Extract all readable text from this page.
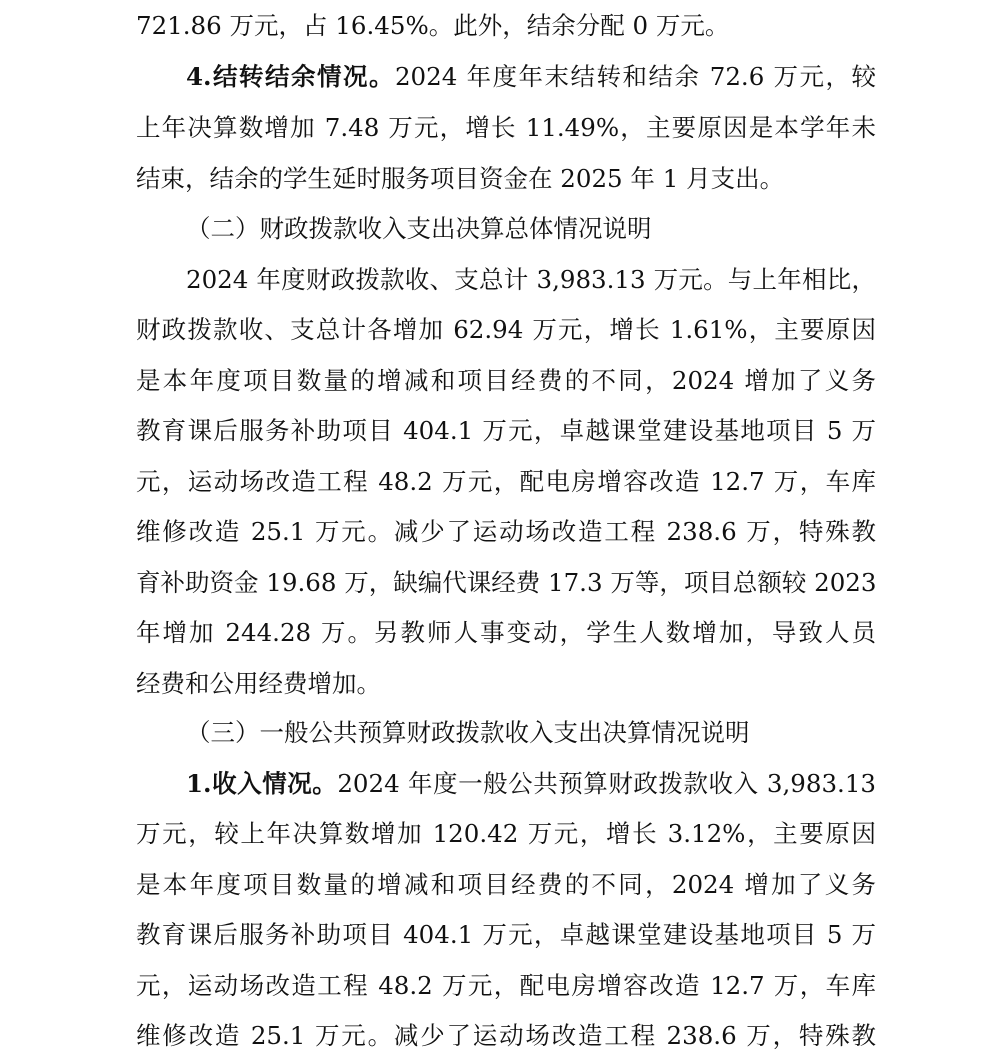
721.86 万元，占 16.45%。此外，结余分配 0 万元。
4.结转结余情况。2024 年度年末结转和结余 72.6 万元，较
上年决算数增加 7.48 万元，增长 11.49%，主要原因是本学年未
结束，结余的学生延时服务项目资金在 2025 年 1 月支出。
（二）财政拨款收入支出决算总体情况说明
2024 年度财政拨款收、支总计 3,983.13 万元。与上年相比，
财政拨款收、支总计各增加 62.94 万元，增长 1.61%，主要原因
是本年度项目数量的增减和项目经费的不同，2024 增加了义务
教育课后服务补助项目 404.1 万元，卓越课堂建设基地项目 5 万
元，运动场改造工程 48.2 万元，配电房增容改造 12.7 万，车库
维修改造 25.1 万元。减少了运动场改造工程 238.6 万，特殊教
育补助资金 19.68 万，缺编代课经费 17.3 万等，项目总额较 2023
年增加 244.28 万。另教师人事变动，学生人数增加，导致人员
经费和公用经费增加。
（三）一般公共预算财政拨款收入支出决算情况说明
1.收入情况。2024 年度一般公共预算财政拨款收入 3,983.13
万元，较上年决算数增加 120.42 万元，增长 3.12%，主要原因
是本年度项目数量的增减和项目经费的不同，2024 增加了义务
教育课后服务补助项目 404.1 万元，卓越课堂建设基地项目 5 万
元，运动场改造工程 48.2 万元，配电房增容改造 12.7 万，车库
维修改造 25.1 万元。减少了运动场改造工程 238.6 万，特殊教
